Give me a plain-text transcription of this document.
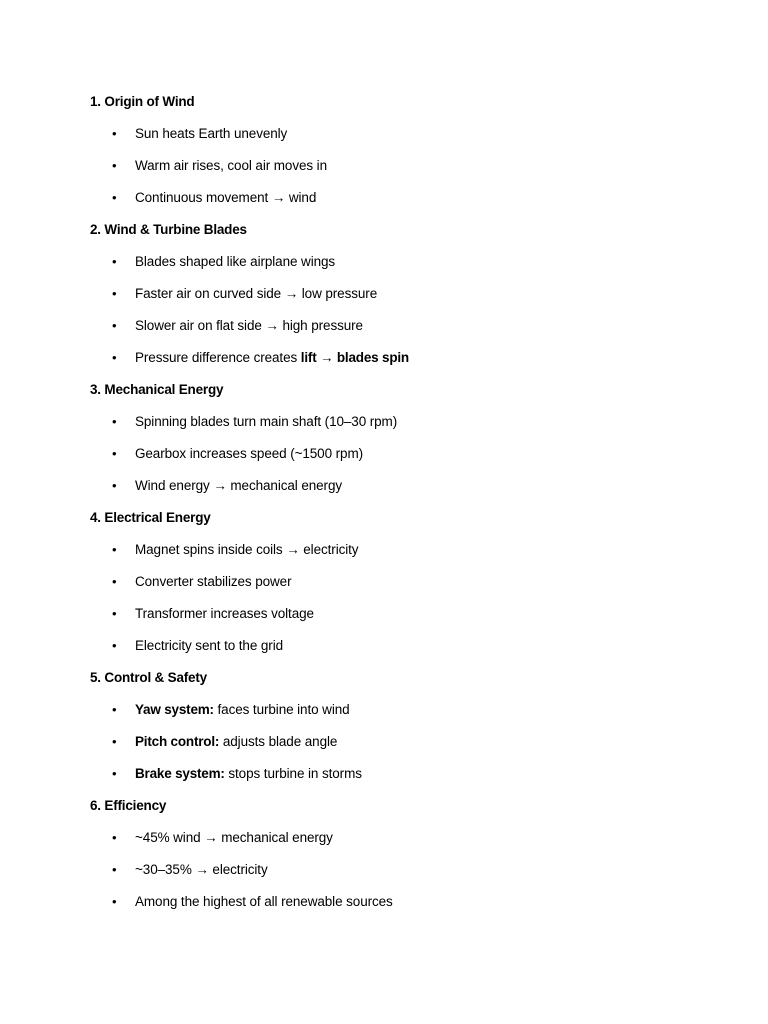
1. Origin of Wind
• Sun heats Earth unevenly
• Warm air rises, cool air moves in
• Continuous movement → wind
2. Wind & Turbine Blades
• Blades shaped like airplane wings
• Faster air on curved side → low pressure
• Slower air on flat side → high pressure
• Pressure difference creates lift → blades spin
3. Mechanical Energy
• Spinning blades turn main shaft (10–30 rpm)
• Gearbox increases speed (~1500 rpm)
• Wind energy → mechanical energy
4. Electrical Energy
• Magnet spins inside coils → electricity
• Converter stabilizes power
• Transformer increases voltage
• Electricity sent to the grid
5. Control & Safety
• Yaw system: faces turbine into wind
• Pitch control: adjusts blade angle
• Brake system: stops turbine in storms
6. Efficiency
• ~45% wind → mechanical energy
• ~30–35% → electricity
• Among the highest of all renewable sources
